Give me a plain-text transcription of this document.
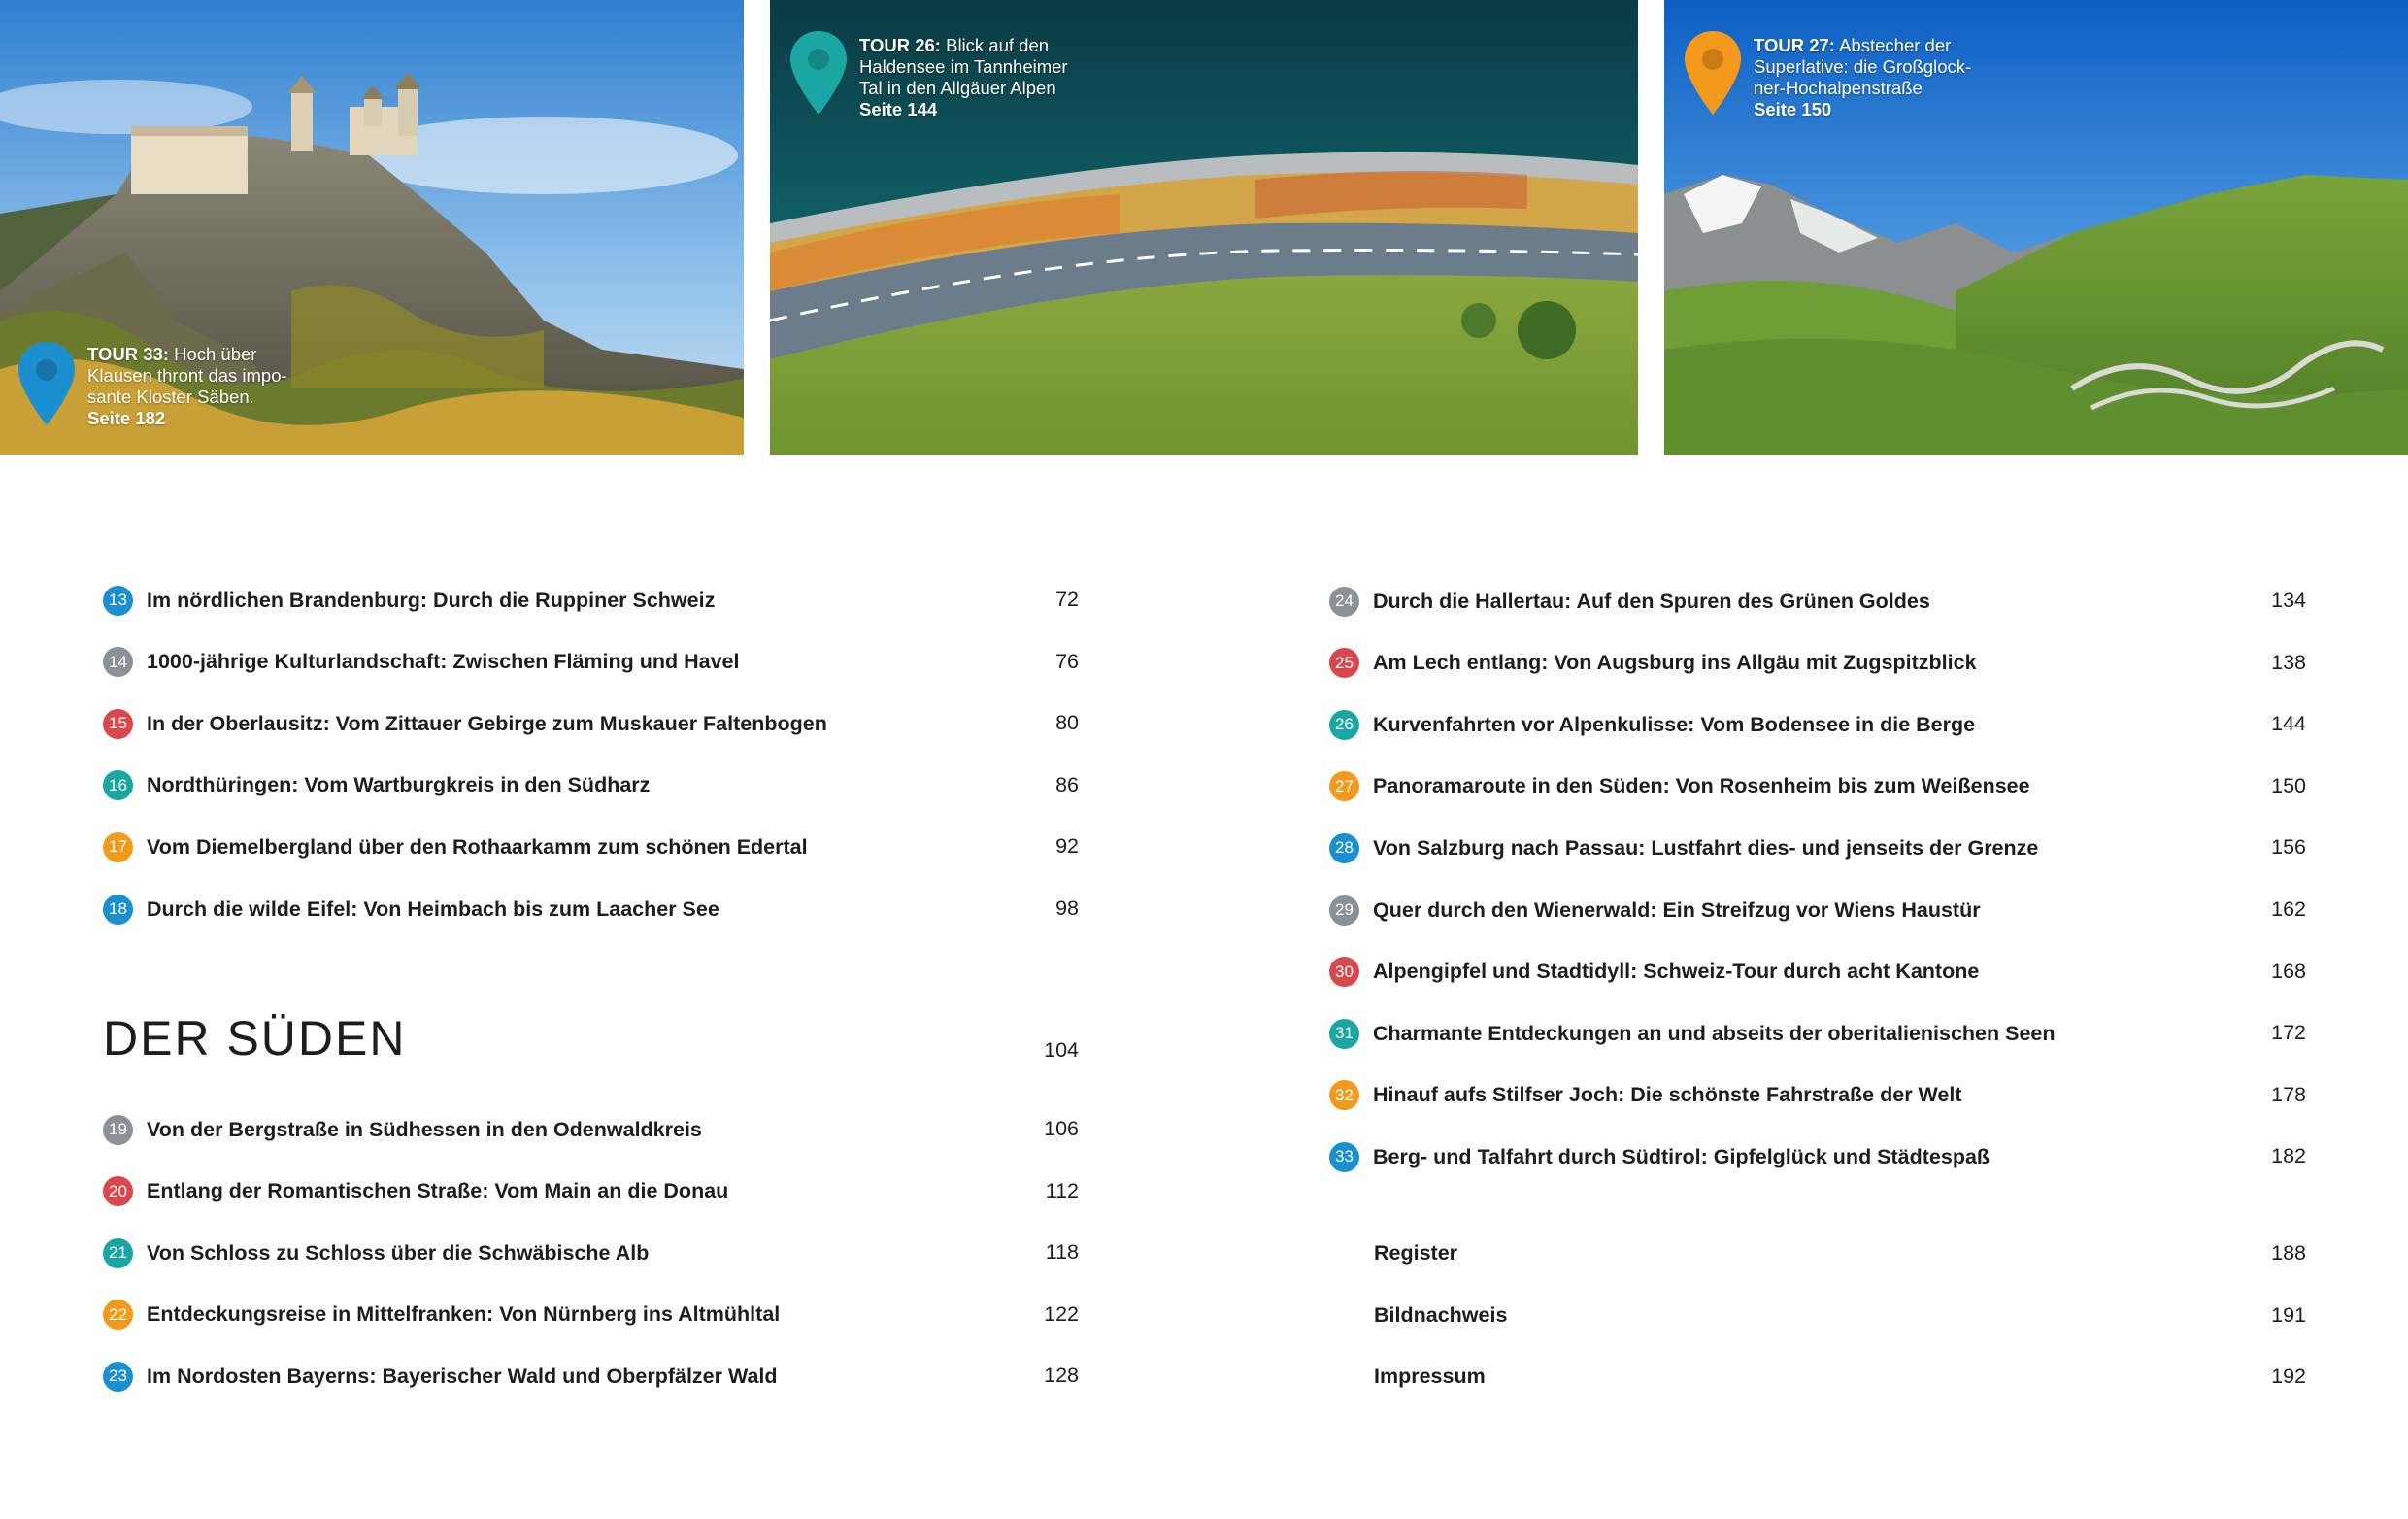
TOUR 33: Hoch über Klausen thront das imposante Kloster Säben.
Seite 182
TOUR 26: Blick auf den Haldensee im Tannheimer Tal in den Allgäuer Alpen
Seite 144
TOUR 27: Abstecher der Superlative: die Großglockner-Hochalpenstraße
Seite 150
13 Im nördlichen Brandenburg: Durch die Ruppiner Schweiz	72
14 1000-jährige Kulturlandschaft: Zwischen Fläming und Havel	76
15 In der Oberlausitz: Vom Zittauer Gebirge zum Muskauer Faltenbogen	80
16 Nordthüringen: Vom Wartburgkreis in den Südharz	86
17 Vom Diemelbergland über den Rothaarkamm zum schönen Edertal	92
18 Durch die wilde Eifel: Von Heimbach bis zum Laacher See	98
DER SÜDEN	104
19 Von der Bergstraße in Südhessen in den Odenwaldkreis	106
20 Entlang der Romantischen Straße: Vom Main an die Donau	112
21 Von Schloss zu Schloss über die Schwäbische Alb	118
22 Entdeckungsreise in Mittelfranken: Von Nürnberg ins Altmühltal	122
23 Im Nordosten Bayerns: Bayerischer Wald und Oberpfälzer Wald	128
24 Durch die Hallertau: Auf den Spuren des Grünen Goldes	134
25 Am Lech entlang: Von Augsburg ins Allgäu mit Zugspitzblick	138
26 Kurvenfahrten vor Alpenkulisse: Vom Bodensee in die Berge	144
27 Panoramaroute in den Süden: Von Rosenheim bis zum Weißensee	150
28 Von Salzburg nach Passau: Lustfahrt dies- und jenseits der Grenze	156
29 Quer durch den Wienerwald: Ein Streifzug vor Wiens Haustür	162
30 Alpengipfel und Stadtidyll: Schweiz-Tour durch acht Kantone	168
31 Charmante Entdeckungen an und abseits der oberitalienischen Seen	172
32 Hinauf aufs Stilfser Joch: Die schönste Fahrstraße der Welt	178
33 Berg- und Talfahrt durch Südtirol: Gipfelglück und Städtespaß	182
Register	188
Bildnachweis	191
Impressum	192
